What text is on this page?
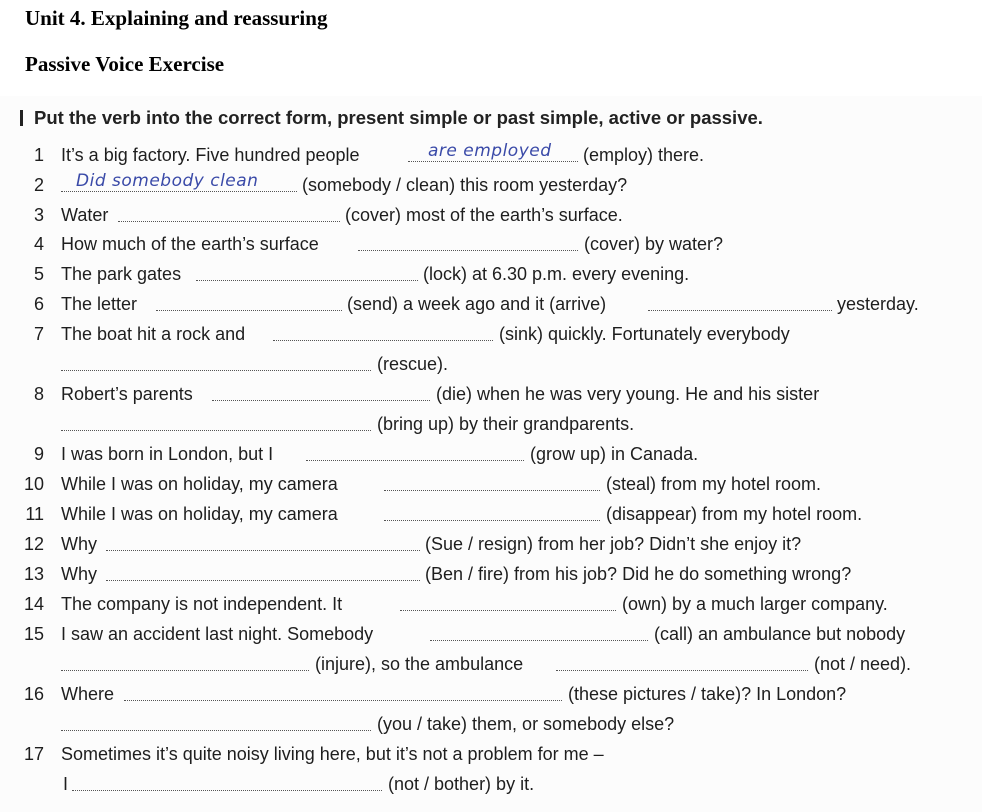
Unit 4. Explaining and reassuring
Passive Voice Exercise
Put the verb into the correct form, present simple or past simple, active or passive.
1 It’s a big factory. Five hundred people	are employed (employ) there.
2 Did somebody clean (somebody / clean) this room yesterday?
3 Water	(cover) most of the earth’s surface.
4 How much of the earth’s surface	(cover) by water?
5 The park gates	(lock) at 6.30 p.m. every evening.
6 The letter	(send) a week ago and it (arrive)	yesterday.
7 The boat hit a rock and	(sink) quickly. Fortunately everybody
(rescue).
8 Robert’s parents	(die) when he was very young. He and his sister
(bring up) by their grandparents.
9 I was born in London, but I	(grow up) in Canada.
10 While I was on holiday, my camera	(steal) from my hotel room.
11 While I was on holiday, my camera	(disappear) from my hotel room.
12 Why	(Sue / resign) from her job? Didn’t she enjoy it?
13 Why	(Ben / fire) from his job? Did he do something wrong?
14 The company is not independent. It	(own) by a much larger company.
15 I saw an accident last night. Somebody	(call) an ambulance but nobody
(injure), so the ambulance	(not / need).
16 Where	(these pictures / take)? In London?
(you / take) them, or somebody else?
17 Sometimes it’s quite noisy living here, but it’s not a problem for me –
I	(not / bother) by it.
